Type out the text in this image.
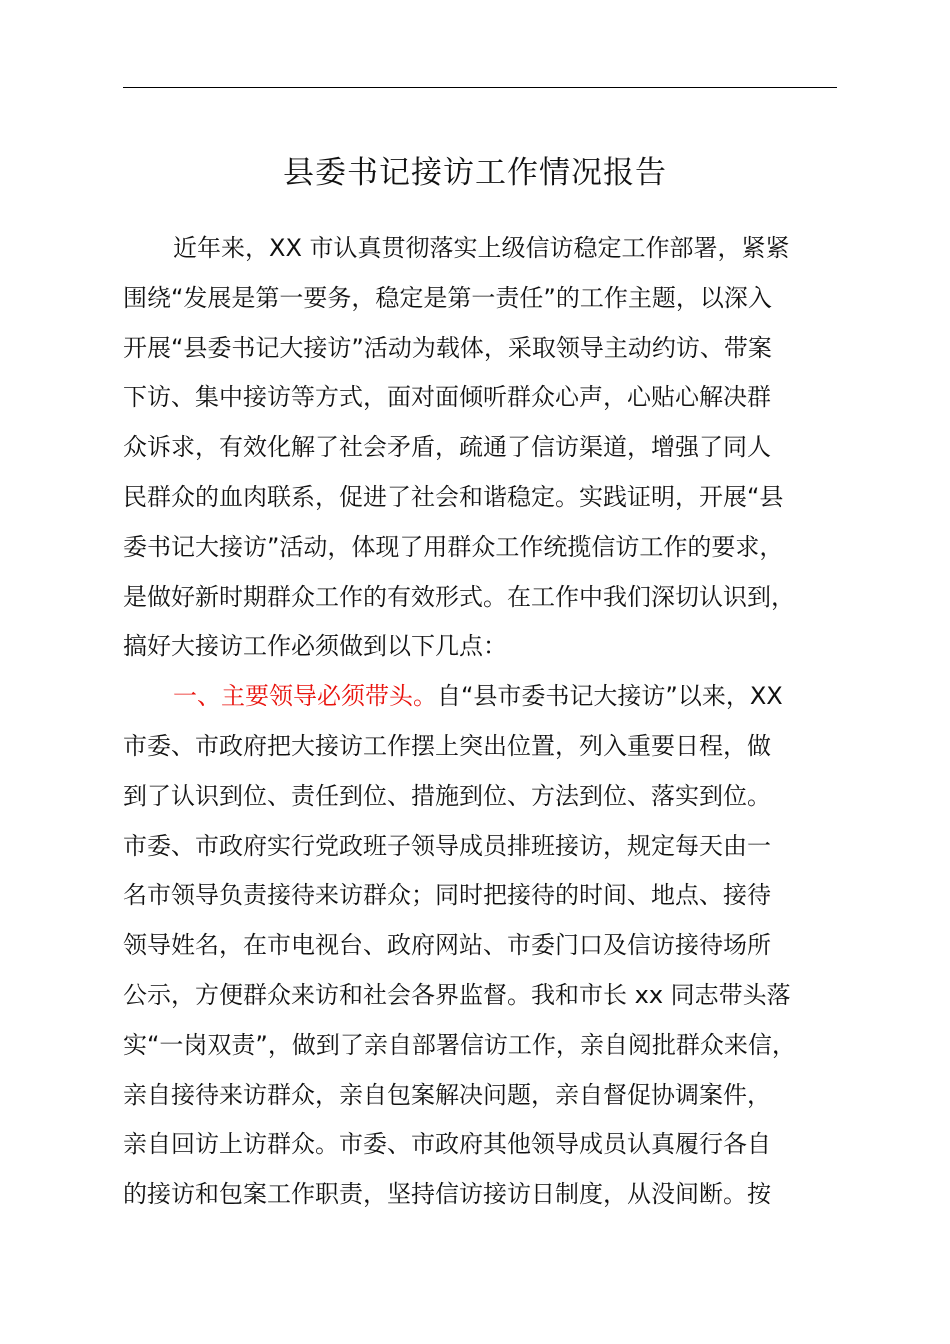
县委书记接访工作情况报告
近年来，XX 市认真贯彻落实上级信访稳定工作部署，紧紧
围绕“发展是第一要务，稳定是第一责任”的工作主题，以深入
开展“县委书记大接访”活动为载体，采取领导主动约访、带案
下访、集中接访等方式，面对面倾听群众心声，心贴心解决群
众诉求，有效化解了社会矛盾，疏通了信访渠道，增强了同人
民群众的血肉联系，促进了社会和谐稳定。实践证明，开展“县
委书记大接访”活动，体现了用群众工作统揽信访工作的要求，
是做好新时期群众工作的有效形式。在工作中我们深切认识到，
搞好大接访工作必须做到以下几点：
一、主要领导必须带头。自“县市委书记大接访”以来，XX
市委、市政府把大接访工作摆上突出位置，列入重要日程，做
到了认识到位、责任到位、措施到位、方法到位、落实到位。
市委、市政府实行党政班子领导成员排班接访，规定每天由一
名市领导负责接待来访群众；同时把接待的时间、地点、接待
领导姓名，在市电视台、政府网站、市委门口及信访接待场所
公示，方便群众来访和社会各界监督。我和市长 xx 同志带头落
实“一岗双责”，做到了亲自部署信访工作，亲自阅批群众来信，
亲自接待来访群众，亲自包案解决问题，亲自督促协调案件，
亲自回访上访群众。市委、市政府其他领导成员认真履行各自
的接访和包案工作职责，坚持信访接访日制度，从没间断。按
